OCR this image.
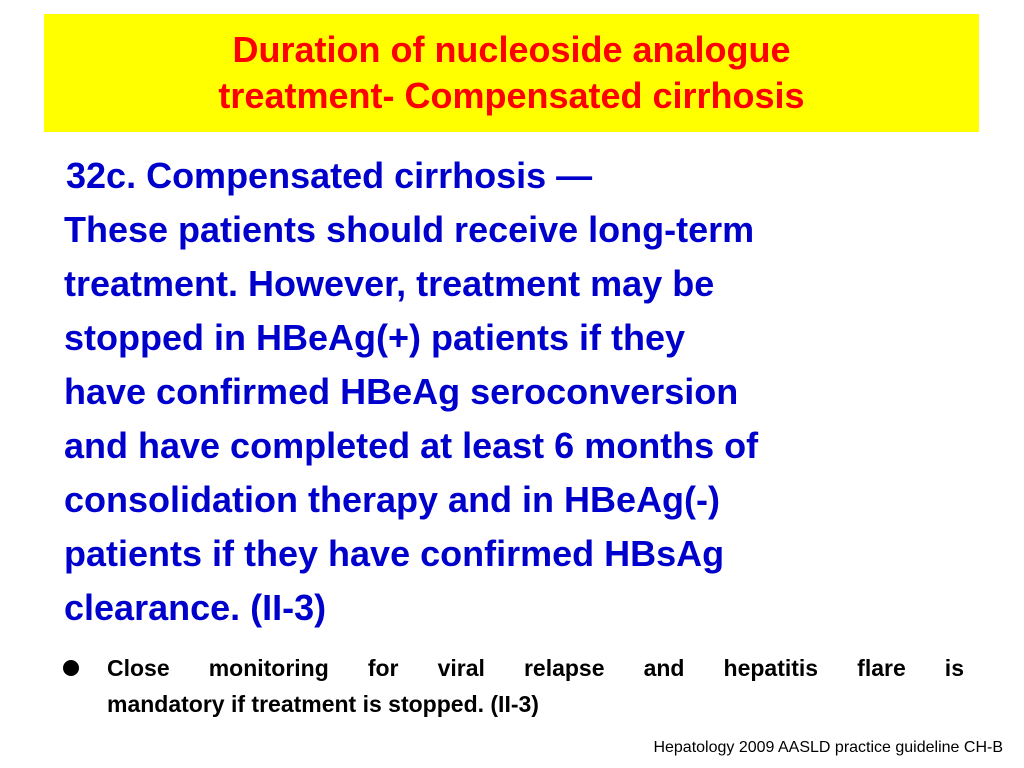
Duration of nucleoside analogue
treatment- Compensated cirrhosis
32c. Compensated cirrhosis —
These patients should receive long-term
treatment. However, treatment may be
stopped in HBeAg(+) patients if they
have confirmed HBeAg seroconversion
and have completed at least 6 months of
consolidation therapy and in HBeAg(-)
patients if they have confirmed HBsAg
clearance. (II-3)
Close monitoring for viral relapse and hepatitis flare is
mandatory if treatment is stopped. (II-3)
Hepatology 2009 AASLD practice guideline CH-B
